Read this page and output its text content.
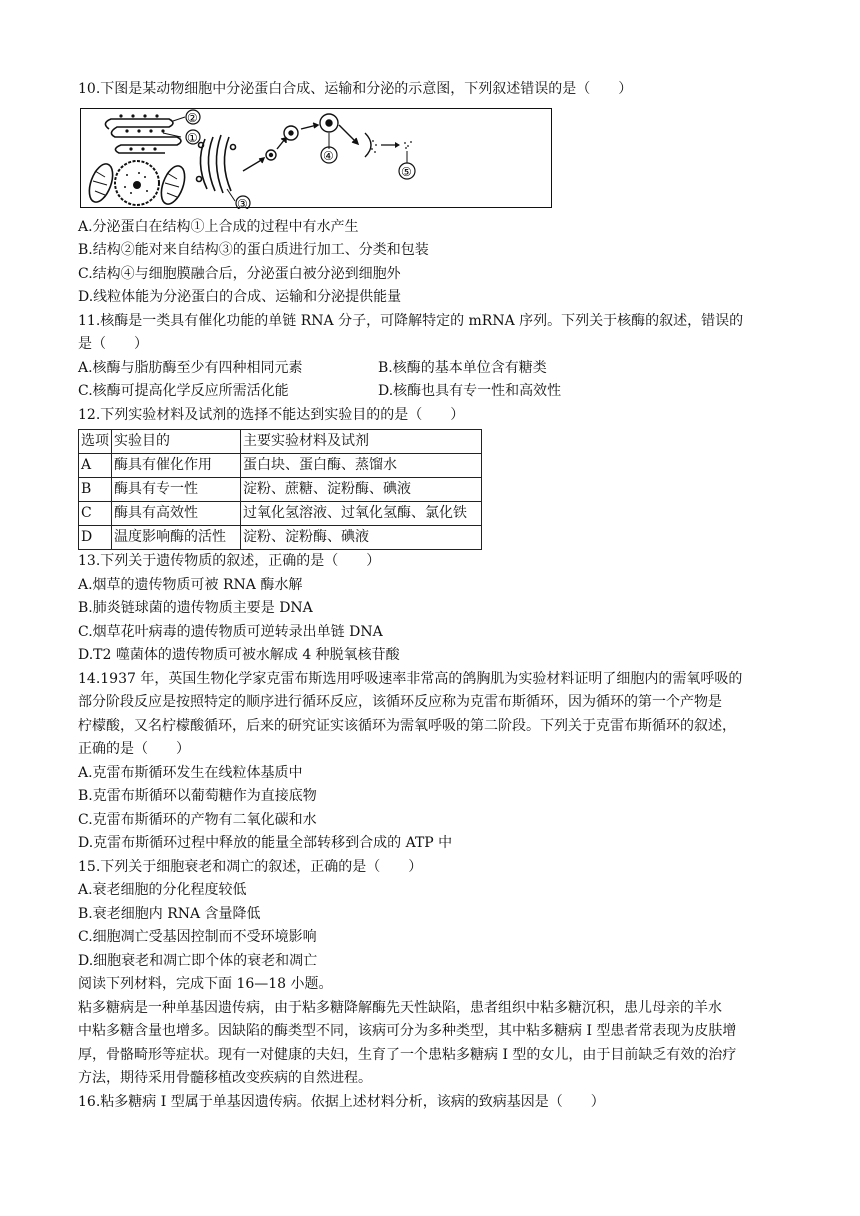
10.下图是某动物细胞中分泌蛋白合成、运输和分泌的示意图，下列叙述错误的是（　　）
②
①
③
④
⑤
A.分泌蛋白在结构①上合成的过程中有水产生
B.结构②能对来自结构③的蛋白质进行加工、分类和包装
C.结构④与细胞膜融合后，分泌蛋白被分泌到细胞外
D.线粒体能为分泌蛋白的合成、运输和分泌提供能量
11.核酶是一类具有催化功能的单链 RNA 分子，可降解特定的 mRNA 序列。下列关于核酶的叙述，错误的
是（　　）
A.核酶与脂肪酶至少有四种相同元素	B.核酶的基本单位含有糖类
C.核酶可提高化学反应所需活化能	D.核酶也具有专一性和高效性
12.下列实验材料及试剂的选择不能达到实验目的的是（　　）
选项	实验目的	主要实验材料及试剂
A	酶具有催化作用	蛋白块、蛋白酶、蒸馏水
B	酶具有专一性	淀粉、蔗糖、淀粉酶、碘液
C	酶具有高效性	过氧化氢溶液、过氧化氢酶、氯化铁
D	温度影响酶的活性	淀粉、淀粉酶、碘液
13.下列关于遗传物质的叙述，正确的是（　　）
A.烟草的遗传物质可被 RNA 酶水解
B.肺炎链球菌的遗传物质主要是 DNA
C.烟草花叶病毒的遗传物质可逆转录出单链 DNA
D.T2 噬菌体的遗传物质可被水解成 4 种脱氧核苷酸
14.1937 年，英国生物化学家克雷布斯选用呼吸速率非常高的鸽胸肌为实验材料证明了细胞内的需氧呼吸的
部分阶段反应是按照特定的顺序进行循环反应，该循环反应称为克雷布斯循环，因为循环的第一个产物是
柠檬酸，又名柠檬酸循环，后来的研究证实该循环为需氧呼吸的第二阶段。下列关于克雷布斯循环的叙述，
正确的是（　　）
A.克雷布斯循环发生在线粒体基质中
B.克雷布斯循环以葡萄糖作为直接底物
C.克雷布斯循环的产物有二氧化碳和水
D.克雷布斯循环过程中释放的能量全部转移到合成的 ATP 中
15.下列关于细胞衰老和凋亡的叙述，正确的是（　　）
A.衰老细胞的分化程度较低
B.衰老细胞内 RNA 含量降低
C.细胞凋亡受基因控制而不受环境影响
D.细胞衰老和凋亡即个体的衰老和凋亡
阅读下列材料，完成下面 16—18 小题。
粘多糖病是一种单基因遗传病，由于粘多糖降解酶先天性缺陷，患者组织中粘多糖沉积，患儿母亲的羊水
中粘多糖含量也增多。因缺陷的酶类型不同，该病可分为多种类型，其中粘多糖病 I 型患者常表现为皮肤增
厚，骨骼畸形等症状。现有一对健康的夫妇，生育了一个患粘多糖病 I 型的女儿，由于目前缺乏有效的治疗
方法，期待采用骨髓移植改变疾病的自然进程。
16.粘多糖病 I 型属于单基因遗传病。依据上述材料分析，该病的致病基因是（　　）
